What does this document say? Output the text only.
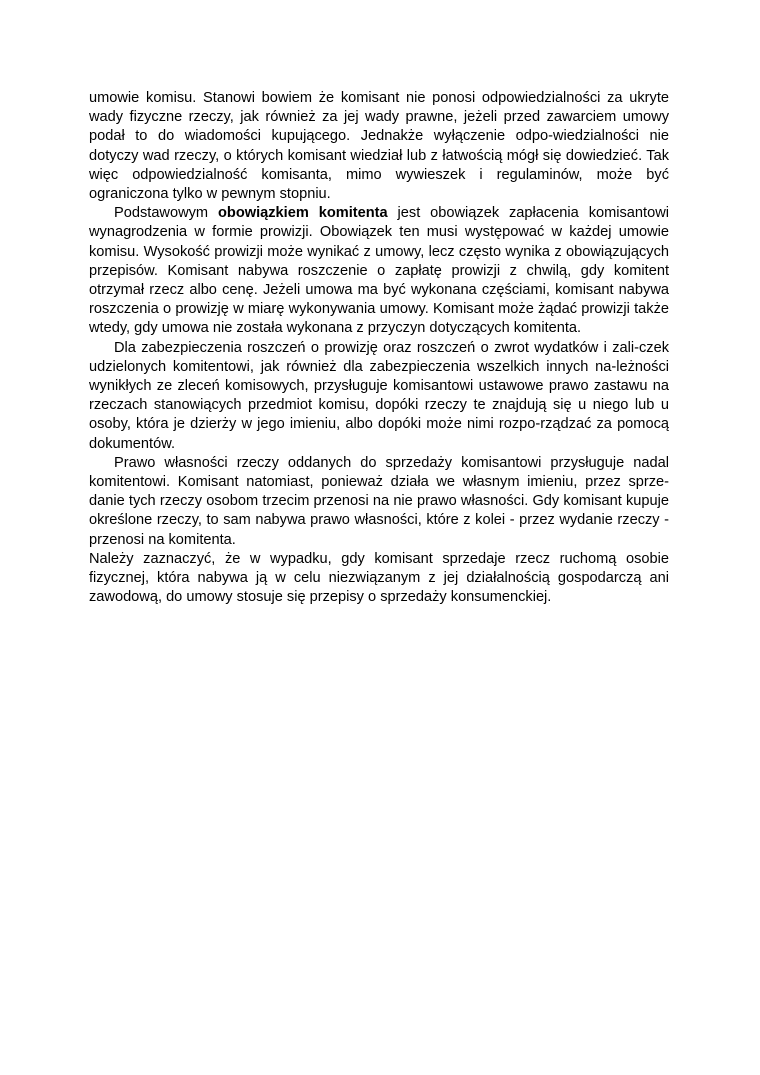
umowie komisu. Stanowi bowiem że komisant nie ponosi odpowiedzialności za ukryte wady fizyczne rzeczy, jak również za jej wady prawne, jeżeli przed zawarciem umowy podał to do wiadomości kupującego. Jednakże wyłączenie odpo-wiedzialności nie dotyczy wad rzeczy, o których komisant wiedział lub z łatwością mógł się dowiedzieć. Tak więc odpowiedzialność komisanta, mimo wywieszek i regulaminów, może być ograniczona tylko w pewnym stopniu.

Podstawowym obowiązkiem komitenta jest obowiązek zapłacenia komisantowi wynagrodzenia w formie prowizji. Obowiązek ten musi występować w każdej umowie komisu. Wysokość prowizji może wynikać z umowy, lecz często wynika z obowiązujących przepisów. Komisant nabywa roszczenie o zapłatę prowizji z chwilą, gdy komitent otrzymał rzecz albo cenę. Jeżeli umowa ma być wykonana częściami, komisant nabywa roszczenia o prowizję w miarę wykonywania umowy. Komisant może żądać prowizji także wtedy, gdy umowa nie została wykonana z przyczyn dotyczących komitenta.

Dla zabezpieczenia roszczeń o prowizję oraz roszczeń o zwrot wydatków i zali-czek udzielonych komitentowi, jak również dla zabezpieczenia wszelkich innych na-leżności wynikłych ze zleceń komisowych, przysługuje komisantowi ustawowe prawo zastawu na rzeczach stanowiących przedmiot komisu, dopóki rzeczy te znajdują się u niego lub u osoby, która je dzierży w jego imieniu, albo dopóki może nimi rozpo-rządzać za pomocą dokumentów.

Prawo własności rzeczy oddanych do sprzedaży komisantowi przysługuje nadal komitentowi. Komisant natomiast, ponieważ działa we własnym imieniu, przez sprze-danie tych rzeczy osobom trzecim przenosi na nie prawo własności. Gdy komisant kupuje określone rzeczy, to sam nabywa prawo własności, które z kolei - przez wydanie rzeczy - przenosi na komitenta.

Należy zaznaczyć, że w wypadku, gdy komisant sprzedaje rzecz ruchomą osobie fizycznej, która nabywa ją w celu niezwiązanym z jej działalnością gospodarczą ani zawodową, do umowy stosuje się przepisy o sprzedaży konsumenckiej.
